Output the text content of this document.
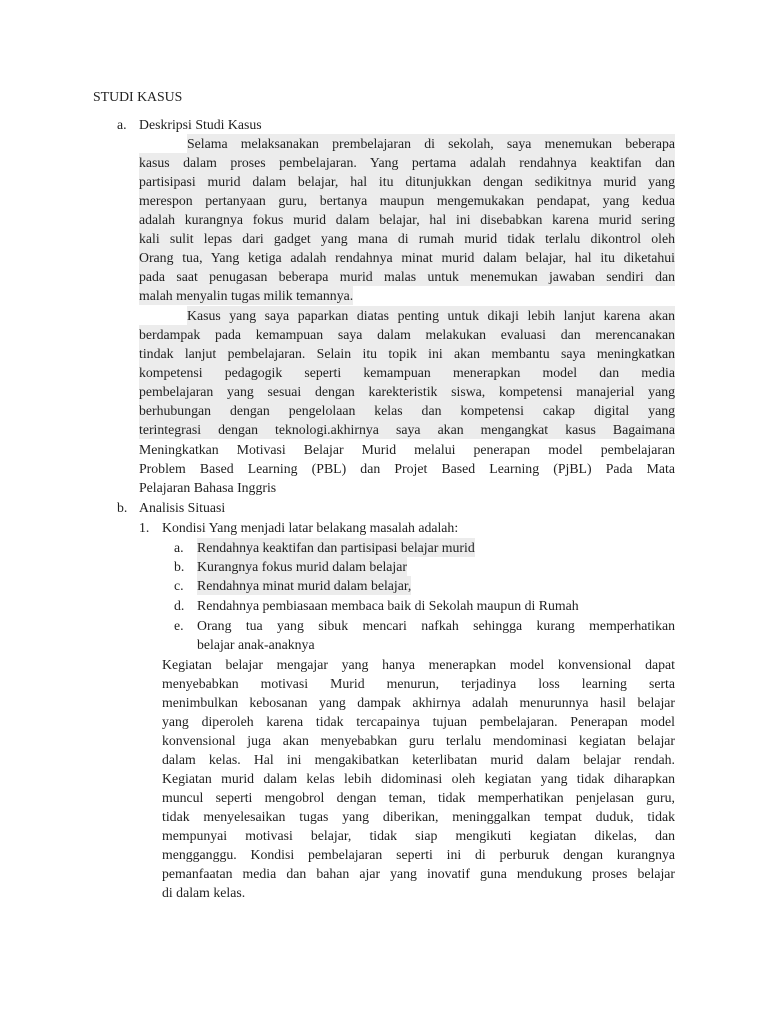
STUDI KASUS
a. Deskripsi Studi Kasus
Selama melaksanakan prembelajaran di sekolah, saya menemukan beberapa
kasus dalam proses pembelajaran. Yang pertama adalah rendahnya keaktifan dan
partisipasi murid dalam belajar, hal itu ditunjukkan dengan sedikitnya murid yang
merespon pertanyaan guru, bertanya maupun mengemukakan pendapat, yang kedua
adalah kurangnya fokus murid dalam belajar, hal ini disebabkan karena murid sering
kali sulit lepas dari gadget yang mana di rumah murid tidak terlalu dikontrol oleh
Orang tua, Yang ketiga adalah rendahnya minat murid dalam belajar, hal itu diketahui
pada saat penugasan beberapa murid malas untuk menemukan jawaban sendiri dan
malah menyalin tugas milik temannya.
Kasus yang saya paparkan diatas penting untuk dikaji lebih lanjut karena akan
berdampak pada kemampuan saya dalam melakukan evaluasi dan merencanakan
tindak lanjut pembelajaran. Selain itu topik ini akan membantu saya meningkatkan
kompetensi pedagogik seperti kemampuan menerapkan model dan media
pembelajaran yang sesuai dengan karekteristik siswa, kompetensi manajerial yang
berhubungan dengan pengelolaan kelas dan kompetensi cakap digital yang
terintegrasi dengan teknologi.akhirnya saya akan mengangkat kasus Bagaimana
Meningkatkan Motivasi Belajar Murid melalui penerapan model pembelajaran
Problem Based Learning (PBL) dan Projet Based Learning (PjBL) Pada Mata
Pelajaran Bahasa Inggris
b. Analisis Situasi
1. Kondisi Yang menjadi latar belakang masalah adalah:
a. Rendahnya keaktifan dan partisipasi belajar murid
b. Kurangnya fokus murid dalam belajar
c. Rendahnya minat murid dalam belajar,
d. Rendahnya pembiasaan membaca baik di Sekolah maupun di Rumah
e. Orang tua yang sibuk mencari nafkah sehingga kurang memperhatikan
belajar anak-anaknya
Kegiatan belajar mengajar yang hanya menerapkan model konvensional dapat
menyebabkan motivasi Murid menurun, terjadinya loss learning serta
menimbulkan kebosanan yang dampak akhirnya adalah menurunnya hasil belajar
yang diperoleh karena tidak tercapainya tujuan pembelajaran. Penerapan model
konvensional juga akan menyebabkan guru terlalu mendominasi kegiatan belajar
dalam kelas. Hal ini mengakibatkan keterlibatan murid dalam belajar rendah.
Kegiatan murid dalam kelas lebih didominasi oleh kegiatan yang tidak diharapkan
muncul seperti mengobrol dengan teman, tidak memperhatikan penjelasan guru,
tidak menyelesaikan tugas yang diberikan, meninggalkan tempat duduk, tidak
mempunyai motivasi belajar, tidak siap mengikuti kegiatan dikelas, dan
mengganggu. Kondisi pembelajaran seperti ini di perburuk dengan kurangnya
pemanfaatan media dan bahan ajar yang inovatif guna mendukung proses belajar
di dalam kelas.
